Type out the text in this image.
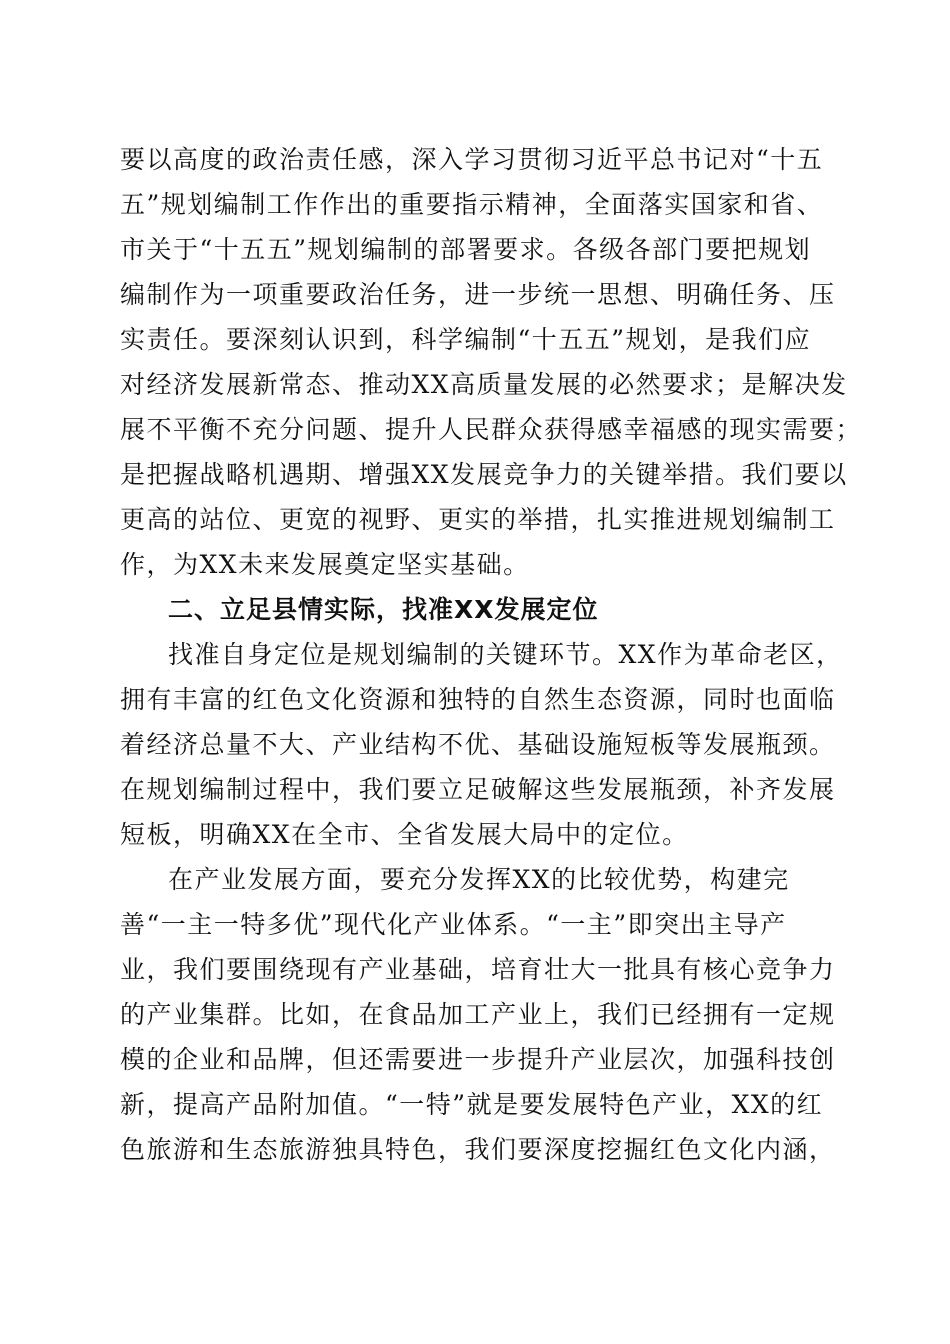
要以高度的政治责任感，深入学习贯彻习近平总书记对“十五
五”规划编制工作作出的重要指示精神，全面落实国家和省、
市关于“十五五”规划编制的部署要求。各级各部门要把规划
编制作为一项重要政治任务，进一步统一思想、明确任务、压
实责任。要深刻认识到，科学编制“十五五”规划，是我们应
对经济发展新常态、推动XX高质量发展的必然要求；是解决发
展不平衡不充分问题、提升人民群众获得感幸福感的现实需要；
是把握战略机遇期、增强XX发展竞争力的关键举措。我们要以
更高的站位、更宽的视野、更实的举措，扎实推进规划编制工
作，为XX未来发展奠定坚实基础。
二、立足县情实际，找准XX发展定位
找准自身定位是规划编制的关键环节。XX作为革命老区，
拥有丰富的红色文化资源和独特的自然生态资源，同时也面临
着经济总量不大、产业结构不优、基础设施短板等发展瓶颈。
在规划编制过程中，我们要立足破解这些发展瓶颈，补齐发展
短板，明确XX在全市、全省发展大局中的定位。
在产业发展方面，要充分发挥XX的比较优势，构建完
善“一主一特多优”现代化产业体系。“一主”即突出主导产
业，我们要围绕现有产业基础，培育壮大一批具有核心竞争力
的产业集群。比如，在食品加工产业上，我们已经拥有一定规
模的企业和品牌，但还需要进一步提升产业层次，加强科技创
新，提高产品附加值。“一特”就是要发展特色产业，XX的红
色旅游和生态旅游独具特色，我们要深度挖掘红色文化内涵，
